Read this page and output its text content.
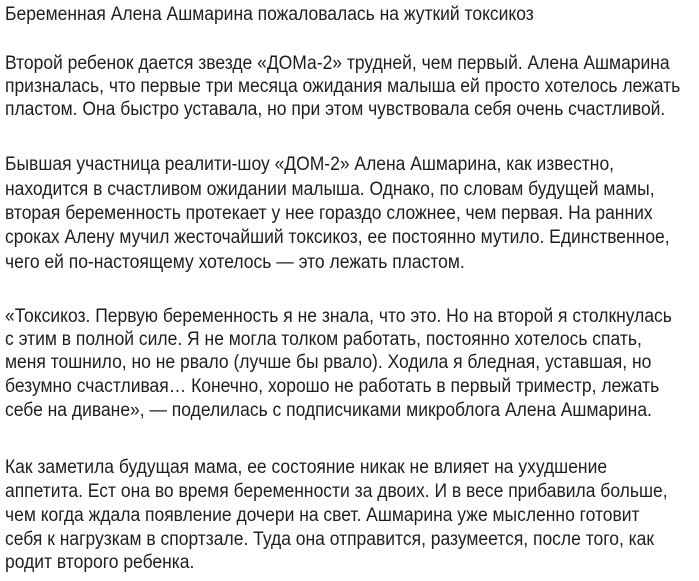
Беременная Алена Ашмарина пожаловалась на жуткий токсикоз
Второй ребенок дается звезде «ДОМа-2» трудней, чем первый. Алена Ашмарина
призналась, что первые три месяца ожидания малыша ей просто хотелось лежать
пластом. Она быстро уставала, но при этом чувствовала себя очень счастливой.
Бывшая участница реалити-шоу «ДОМ-2» Алена Ашмарина, как известно,
находится в счастливом ожидании малыша. Однако, по словам будущей мамы,
вторая беременность протекает у нее гораздо сложнее, чем первая. На ранних
сроках Алену мучил жесточайший токсикоз, ее постоянно мутило. Единственное,
чего ей по-настоящему хотелось — это лежать пластом.
«Токсикоз. Первую беременность я не знала, что это. Но на второй я столкнулась
с этим в полной силе. Я не могла толком работать, постоянно хотелось спать,
меня тошнило, но не рвало (лучше бы рвало). Ходила я бледная, уставшая, но
безумно счастливая… Конечно, хорошо не работать в первый триместр, лежать
себе на диване», — поделилась с подписчиками микроблога Алена Ашмарина.
Как заметила будущая мама, ее состояние никак не влияет на ухудшение
аппетита. Ест она во время беременности за двоих. И в весе прибавила больше,
чем когда ждала появление дочери на свет. Ашмарина уже мысленно готовит
себя к нагрузкам в спортзале. Туда она отправится, разумеется, после того, как
родит второго ребенка.
